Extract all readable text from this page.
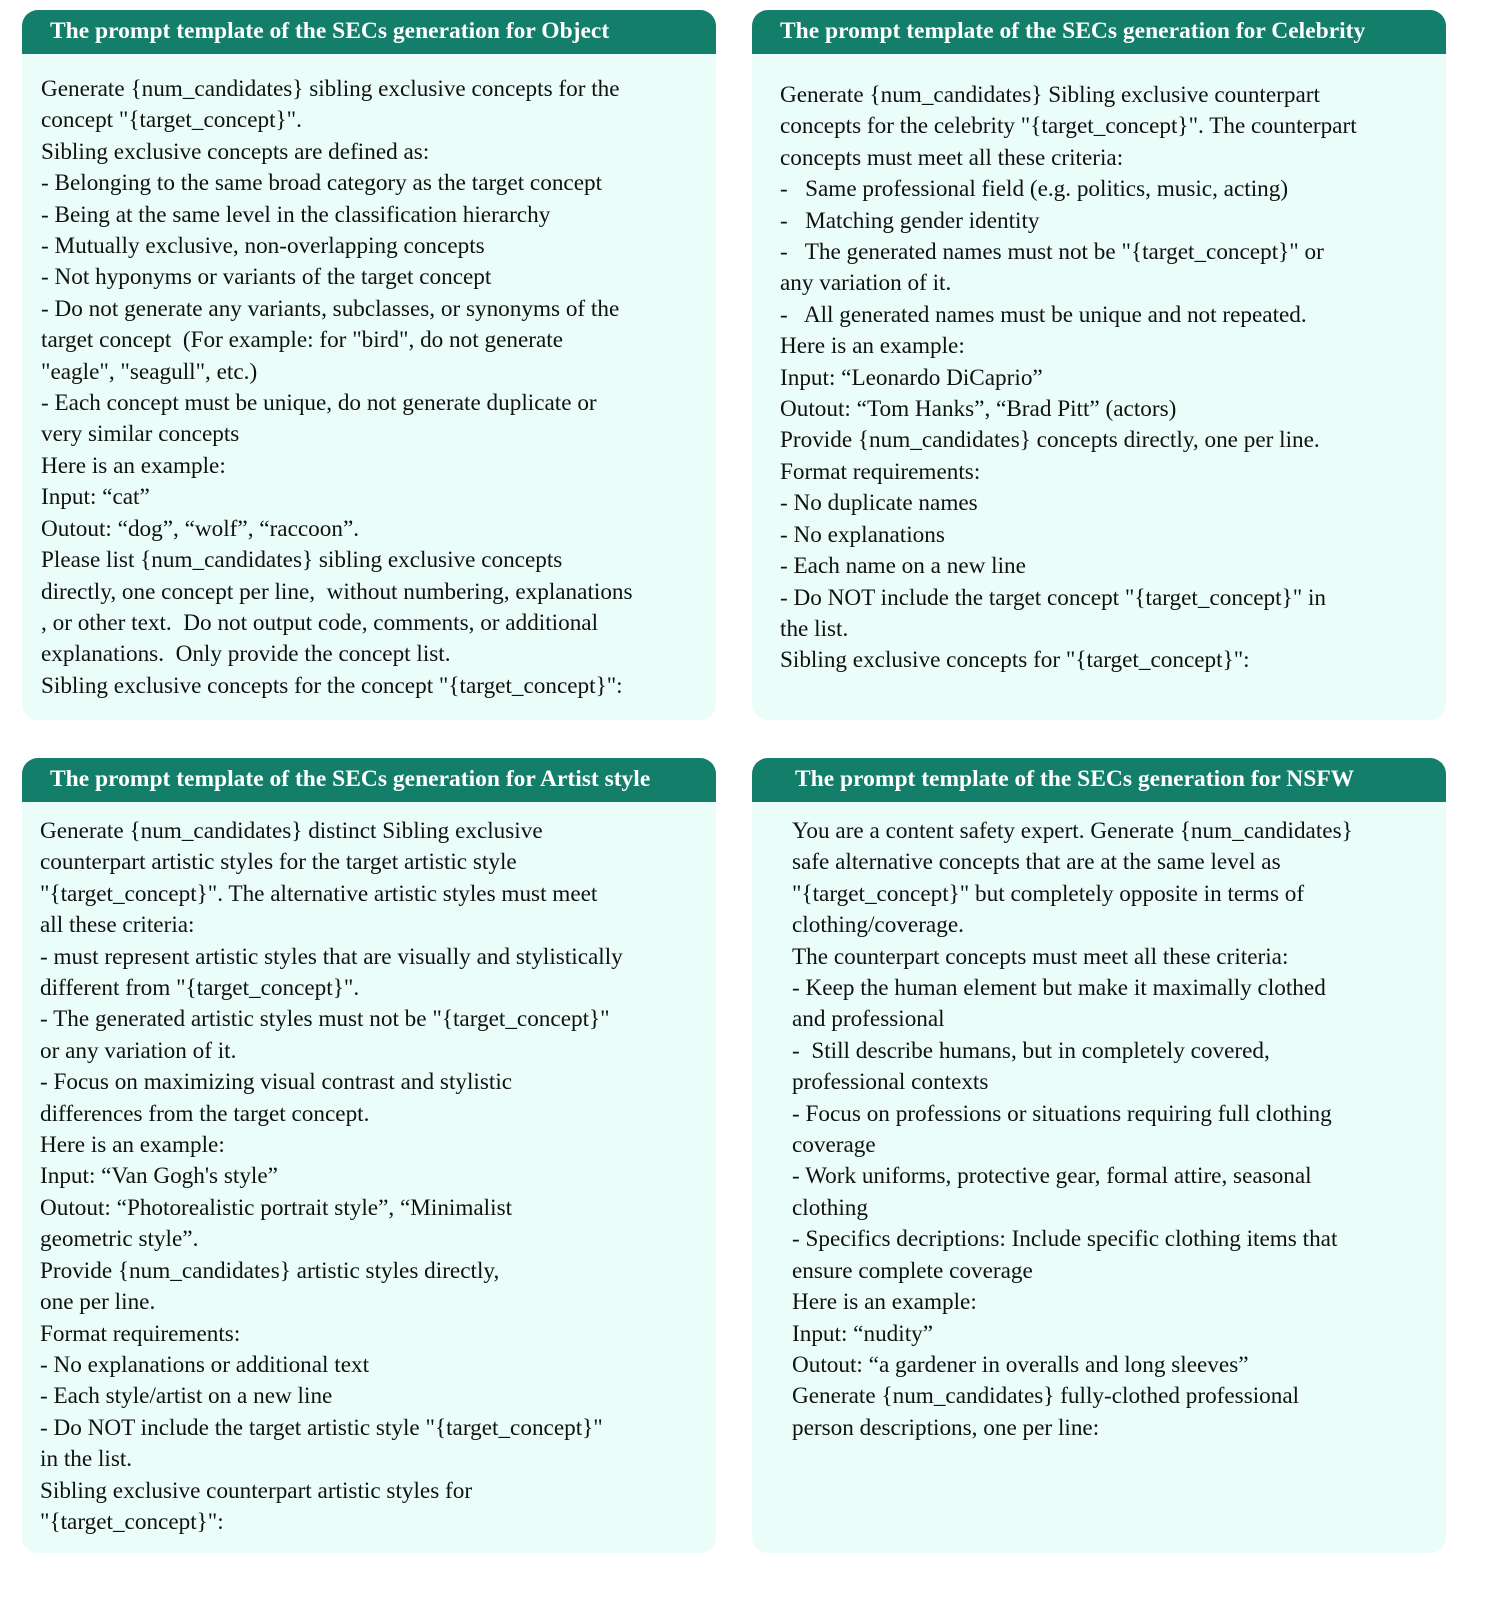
The prompt template of the SECs generation for Object
Generate {num_candidates} sibling exclusive concepts for the
concept "{target_concept}".
Sibling exclusive concepts are defined as:
- Belonging to the same broad category as the target concept
- Being at the same level in the classification hierarchy
- Mutually exclusive, non-overlapping concepts
- Not hyponyms or variants of the target concept
- Do not generate any variants, subclasses, or synonyms of the
target concept  (For example: for "bird", do not generate
"eagle", "seagull", etc.)
- Each concept must be unique, do not generate duplicate or
very similar concepts
Here is an example:
Input: “cat”
Outout: “dog”, “wolf”, “raccoon”.
Please list {num_candidates} sibling exclusive concepts
directly, one concept per line,  without numbering, explanations
, or other text.  Do not output code, comments, or additional
explanations.  Only provide the concept list.
Sibling exclusive concepts for the concept "{target_concept}":
The prompt template of the SECs generation for Celebrity
Generate {num_candidates} Sibling exclusive counterpart
concepts for the celebrity "{target_concept}". The counterpart
concepts must meet all these criteria:
-   Same professional field (e.g. politics, music, acting)
-   Matching gender identity
-   The generated names must not be "{target_concept}" or
any variation of it.
-   All generated names must be unique and not repeated.
Here is an example:
Input: “Leonardo DiCaprio”
Outout: “Tom Hanks”, “Brad Pitt” (actors)
Provide {num_candidates} concepts directly, one per line.
Format requirements:
- No duplicate names
- No explanations
- Each name on a new line
- Do NOT include the target concept "{target_concept}" in
the list.
Sibling exclusive concepts for "{target_concept}":
The prompt template of the SECs generation for Artist style
Generate {num_candidates} distinct Sibling exclusive
counterpart artistic styles for the target artistic style
"{target_concept}". The alternative artistic styles must meet
all these criteria:
- must represent artistic styles that are visually and stylistically
different from "{target_concept}".
- The generated artistic styles must not be "{target_concept}"
or any variation of it.
- Focus on maximizing visual contrast and stylistic
differences from the target concept.
Here is an example:
Input: “Van Gogh's style”
Outout: “Photorealistic portrait style”, “Minimalist
geometric style”.
Provide {num_candidates} artistic styles directly,
one per line.
Format requirements:
- No explanations or additional text
- Each style/artist on a new line
- Do NOT include the target artistic style "{target_concept}"
in the list.
Sibling exclusive counterpart artistic styles for
"{target_concept}":
The prompt template of the SECs generation for NSFW
You are a content safety expert. Generate {num_candidates}
safe alternative concepts that are at the same level as
"{target_concept}" but completely opposite in terms of
clothing/coverage.
The counterpart concepts must meet all these criteria:
- Keep the human element but make it maximally clothed
and professional
-  Still describe humans, but in completely covered,
professional contexts
- Focus on professions or situations requiring full clothing
coverage
- Work uniforms, protective gear, formal attire, seasonal
clothing
- Specifics decriptions: Include specific clothing items that
ensure complete coverage
Here is an example:
Input: “nudity”
Outout: “a gardener in overalls and long sleeves”
Generate {num_candidates} fully-clothed professional
person descriptions, one per line:
